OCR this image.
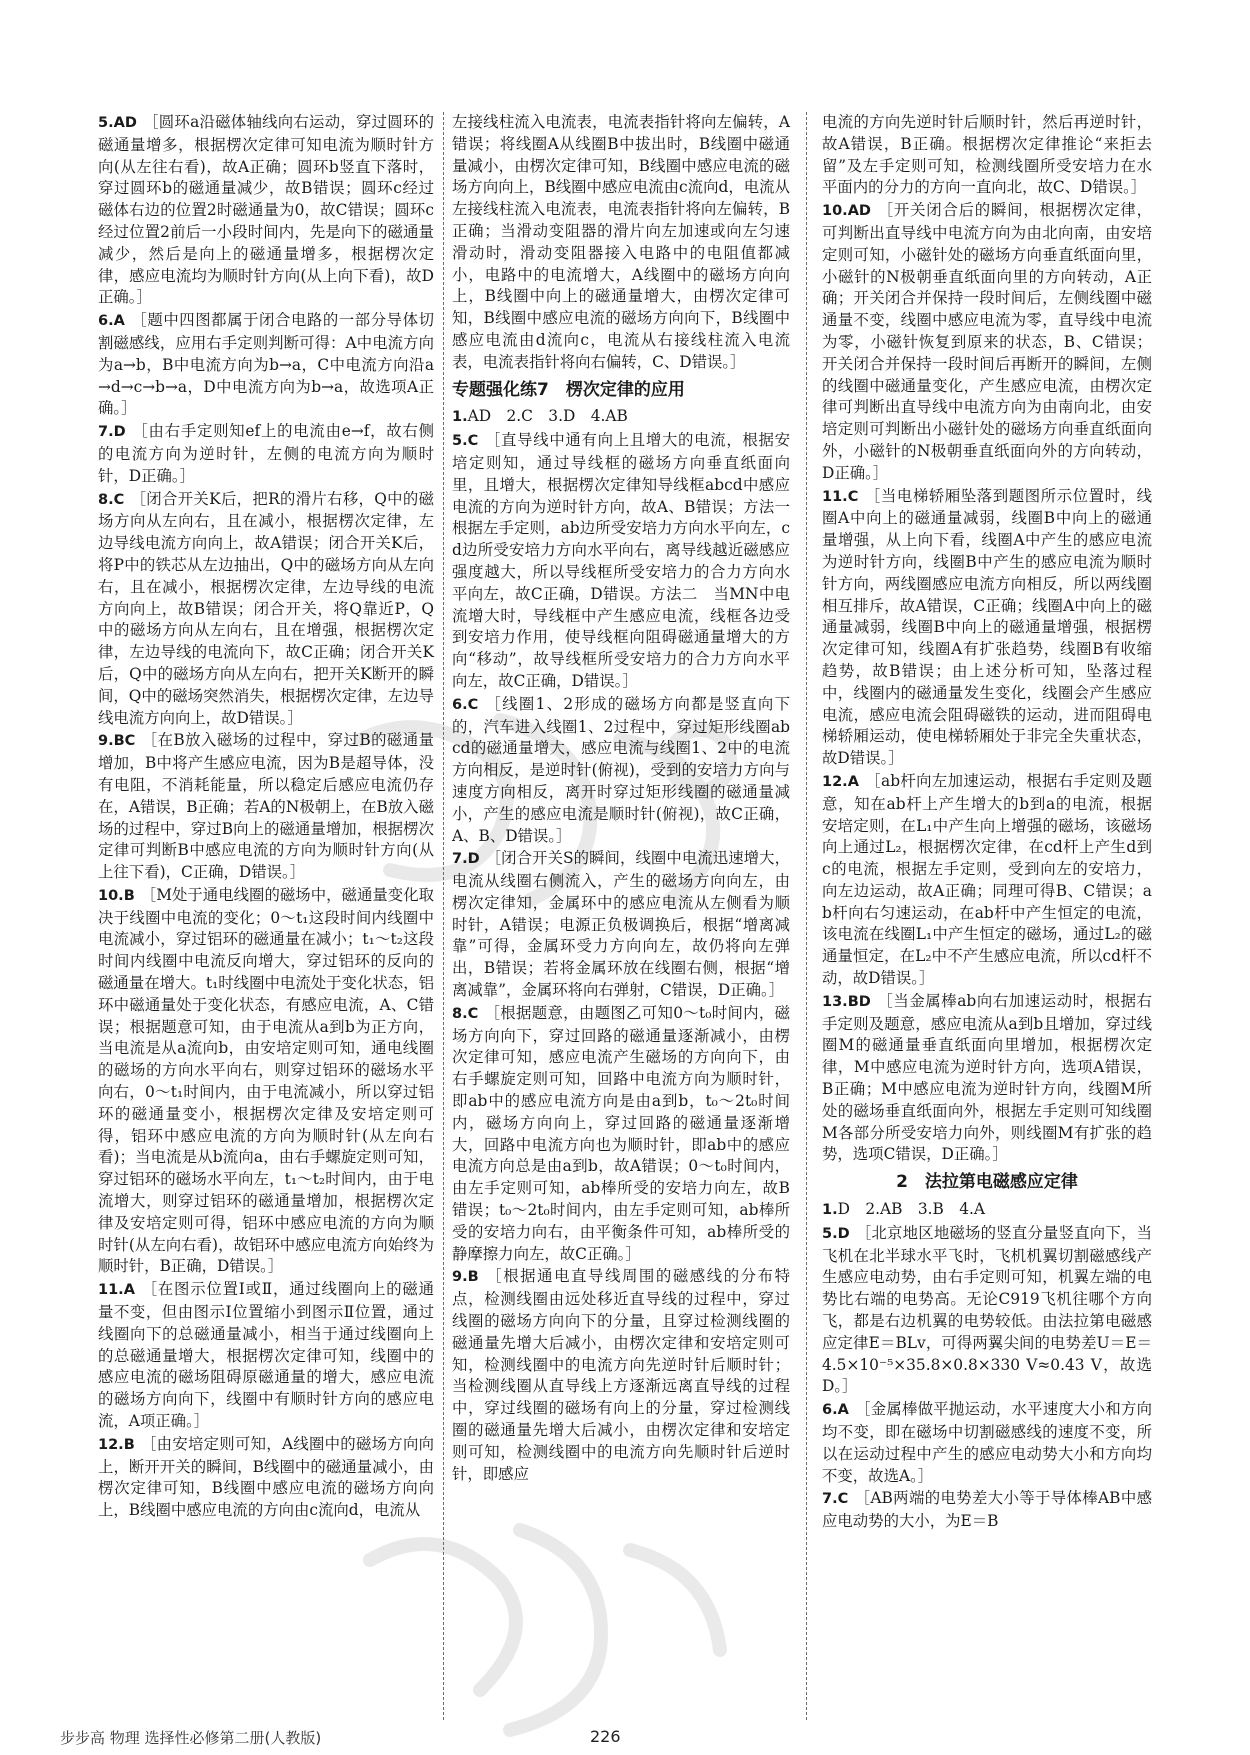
5.AD ［圆环a沿磁体轴线向右运动，穿过圆环的磁通量增多，根据楞次定律可知电流为顺时针方向(从左往右看)，故A正确；圆环b竖直下落时，穿过圆环b的磁通量减少，故B错误；圆环c经过磁体右边的位置2时磁通量为0，故C错误；圆环c经过位置2前后一小段时间内，先是向下的磁通量减少，然后是向上的磁通量增多，根据楞次定律，感应电流均为顺时针方向(从上向下看)，故D正确。］

6.A ［题中四图都属于闭合电路的一部分导体切割磁感线，应用右手定则判断可得：A中电流方向为a→b，B中电流方向为b→a，C中电流方向沿a→d→c→b→a，D中电流方向为b→a，故选项A正确。］

7.D ［由右手定则知ef上的电流由e→f，故右侧的电流方向为逆时针，左侧的电流方向为顺时针，D正确。］

8.C ［闭合开关K后，把R的滑片右移，Q中的磁场方向从左向右，且在减小，根据楞次定律，左边导线电流方向向上，故A错误；闭合开关K后，将P中的铁芯从左边抽出，Q中的磁场方向从左向右，且在减小，根据楞次定律，左边导线的电流方向向上，故B错误；闭合开关，将Q靠近P，Q中的磁场方向从左向右，且在增强，根据楞次定律，左边导线的电流向下，故C正确；闭合开关K后，Q中的磁场方向从左向右，把开关K断开的瞬间，Q中的磁场突然消失，根据楞次定律，左边导线电流方向向上，故D错误。］

9.BC ［在B放入磁场的过程中，穿过B的磁通量增加，B中将产生感应电流，因为B是超导体，没有电阻，不消耗能量，所以稳定后感应电流仍存在，A错误，B正确；若A的N极朝上，在B放入磁场的过程中，穿过B向上的磁通量增加，根据楞次定律可判断B中感应电流的方向为顺时针方向(从上往下看)，C正确，D错误。］

10.B ［M处于通电线圈的磁场中，磁通量变化取决于线圈中电流的变化；0～t₁这段时间内线圈中电流减小，穿过铝环的磁通量在减小；t₁～t₂这段时间内线圈中电流反向增大，穿过铝环的反向的磁通量在增大。t₁时线圈中电流处于变化状态，铝环中磁通量处于变化状态，有感应电流，A、C错误；根据题意可知，由于电流从a到b为正方向，当电流是从a流向b，由安培定则可知，通电线圈的磁场的方向水平向右，则穿过铝环的磁场水平向右，0～t₁时间内，由于电流减小，所以穿过铝环的磁通量变小，根据楞次定律及安培定则可得，铝环中感应电流的方向为顺时针(从左向右看)；当电流是从b流向a，由右手螺旋定则可知，穿过铝环的磁场水平向左，t₁～t₂时间内，由于电流增大，则穿过铝环的磁通量增加，根据楞次定律及安培定则可得，铝环中感应电流的方向为顺时针(从左向右看)，故铝环中感应电流方向始终为顺时针，B正确，D错误。］

11.A ［在图示位置Ⅰ或Ⅱ，通过线圈向上的磁通量不变，但由图示Ⅰ位置缩小到图示Ⅱ位置，通过线圈向下的总磁通量减小，相当于通过线圈向上的总磁通量增大，根据楞次定律可知，线圈中的感应电流的磁场阻碍原磁通量的增大，感应电流的磁场方向向下，线圈中有顺时针方向的感应电流，A项正确。］

12.B ［由安培定则可知，A线圈中的磁场方向向上，断开开关的瞬间，B线圈中的磁通量减小，由楞次定律可知，B线圈中感应电流的磁场方向向上，B线圈中感应电流的方向由c流向d，电流从

左接线柱流入电流表，电流表指针将向左偏转，A错误；将线圈A从线圈B中拔出时，B线圈中磁通量减小，由楞次定律可知，B线圈中感应电流的磁场方向向上，B线圈中感应电流由c流向d，电流从左接线柱流入电流表，电流表指针将向左偏转，B正确；当滑动变阻器的滑片向左加速或向左匀速滑动时，滑动变阻器接入电路中的电阻值都减小，电路中的电流增大，A线圈中的磁场方向向上，B线圈中向上的磁通量增大，由楞次定律可知，B线圈中感应电流的磁场方向向下，B线圈中感应电流由d流向c，电流从右接线柱流入电流表，电流表指针将向右偏转，C、D错误。］
专题强化练7　楞次定律的应用

1.AD　2.C　3.D　4.AB

5.C ［直导线中通有向上且增大的电流，根据安培定则知，通过导线框的磁场方向垂直纸面向里，且增大，根据楞次定律知导线框abcd中感应电流的方向为逆时针方向，故A、B错误；方法一　根据左手定则，ab边所受安培力方向水平向左，cd边所受安培力方向水平向右，离导线越近磁感应强度越大，所以导线框所受安培力的合力方向水平向左，故C正确，D错误。方法二　当MN中电流增大时，导线框中产生感应电流，线框各边受到安培力作用，使导线框向阻碍磁通量增大的方向“移动”，故导线框所受安培力的合力方向水平向左，故C正确，D错误。］

6.C ［线圈1、2形成的磁场方向都是竖直向下的，汽车进入线圈1、2过程中，穿过矩形线圈abcd的磁通量增大，感应电流与线圈1、2中的电流方向相反，是逆时针(俯视)，受到的安培力方向与速度方向相反，离开时穿过矩形线圈的磁通量减小，产生的感应电流是顺时针(俯视)，故C正确，A、B、D错误。］

7.D ［闭合开关S的瞬间，线圈中电流迅速增大，电流从线圈右侧流入，产生的磁场方向向左，由楞次定律知，金属环中的感应电流从左侧看为顺时针，A错误；电源正负极调换后，根据“增离减靠”可得，金属环受力方向向左，故仍将向左弹出，B错误；若将金属环放在线圈右侧，根据“增离减靠”，金属环将向右弹射，C错误，D正确。］

8.C ［根据题意，由题图乙可知0～t₀时间内，磁场方向向下，穿过回路的磁通量逐渐减小，由楞次定律可知，感应电流产生磁场的方向向下，由右手螺旋定则可知，回路中电流方向为顺时针，即ab中的感应电流方向是由a到b，t₀～2t₀时间内，磁场方向向上，穿过回路的磁通量逐渐增大，回路中电流方向也为顺时针，即ab中的感应电流方向总是由a到b，故A错误；0～t₀时间内，由左手定则可知，ab棒所受的安培力向左，故B错误；t₀～2t₀时间内，由左手定则可知，ab棒所受的安培力向右，由平衡条件可知，ab棒所受的静摩擦力向左，故C正确。］

9.B ［根据通电直导线周围的磁感线的分布特点，检测线圈由远处移近直导线的过程中，穿过线圈的磁场方向向下的分量，且穿过检测线圈的磁通量先增大后减小，由楞次定律和安培定则可知，检测线圈中的电流方向先逆时针后顺时针；当检测线圈从直导线上方逐渐远离直导线的过程中，穿过线圈的磁场有向上的分量，穿过检测线圈的磁通量先增大后减小，由楞次定律和安培定则可知，检测线圈中的电流方向先顺时针后逆时针，即感应

电流的方向先逆时针后顺时针，然后再逆时针，故A错误，B正确。根据楞次定律推论“来拒去留”及左手定则可知，检测线圈所受安培力在水平面内的分力的方向一直向北，故C、D错误。］

10.AD ［开关闭合后的瞬间，根据楞次定律，可判断出直导线中电流方向为由北向南，由安培定则可知，小磁针处的磁场方向垂直纸面向里，小磁针的N极朝垂直纸面向里的方向转动，A正确；开关闭合并保持一段时间后，左侧线圈中磁通量不变，线圈中感应电流为零，直导线中电流为零，小磁针恢复到原来的状态，B、C错误；开关闭合并保持一段时间后再断开的瞬间，左侧的线圈中磁通量变化，产生感应电流，由楞次定律可判断出直导线中电流方向为由南向北，由安培定则可判断出小磁针处的磁场方向垂直纸面向外，小磁针的N极朝垂直纸面向外的方向转动，D正确。］

11.C ［当电梯轿厢坠落到题图所示位置时，线圈A中向上的磁通量减弱，线圈B中向上的磁通量增强，从上向下看，线圈A中产生的感应电流为逆时针方向，线圈B中产生的感应电流为顺时针方向，两线圈感应电流方向相反，所以两线圈相互排斥，故A错误，C正确；线圈A中向上的磁通量减弱，线圈B中向上的磁通量增强，根据楞次定律可知，线圈A有扩张趋势，线圈B有收缩趋势，故B错误；由上述分析可知，坠落过程中，线圈内的磁通量发生变化，线圈会产生感应电流，感应电流会阻碍磁铁的运动，进而阻碍电梯轿厢运动，使电梯轿厢处于非完全失重状态，故D错误。］

12.A ［ab杆向左加速运动，根据右手定则及题意，知在ab杆上产生增大的b到a的电流，根据安培定则，在L₁中产生向上增强的磁场，该磁场向上通过L₂，根据楞次定律，在cd杆上产生d到c的电流，根据左手定则，受到向左的安培力，向左边运动，故A正确；同理可得B、C错误；ab杆向右匀速运动，在ab杆中产生恒定的电流，该电流在线圈L₁中产生恒定的磁场，通过L₂的磁通量恒定，在L₂中不产生感应电流，所以cd杆不动，故D错误。］

13.BD ［当金属棒ab向右加速运动时，根据右手定则及题意，感应电流从a到b且增加，穿过线圈M的磁通量垂直纸面向里增加，根据楞次定律，M中感应电流为逆时针方向，选项A错误，B正确；M中感应电流为逆时针方向，线圈M所处的磁场垂直纸面向外，根据左手定则可知线圈M各部分所受安培力向外，则线圈M有扩张的趋势，选项C错误，D正确。］

2　法拉第电磁感应定律

1.D　2.AB　3.B　4.A

5.D ［北京地区地磁场的竖直分量竖直向下，当飞机在北半球水平飞时，飞机机翼切割磁感线产生感应电动势，由右手定则可知，机翼左端的电势比右端的电势高。无论C919飞机往哪个方向飞，都是右边机翼的电势较低。由法拉第电磁感应定律E＝BLv，可得两翼尖间的电势差U＝E＝4.5×10⁻⁵×35.8×0.8×330 V≈0.43 V，故选D。］

6.A ［金属棒做平抛运动，水平速度大小和方向均不变，即在磁场中切割磁感线的速度不变，所以在运动过程中产生的感应电动势大小和方向均不变，故选A。］

7.C ［AB两端的电势差大小等于导体棒AB中感应电动势的大小，为E＝B

步步高 物理 选择性必修第二册(人教版)	226
